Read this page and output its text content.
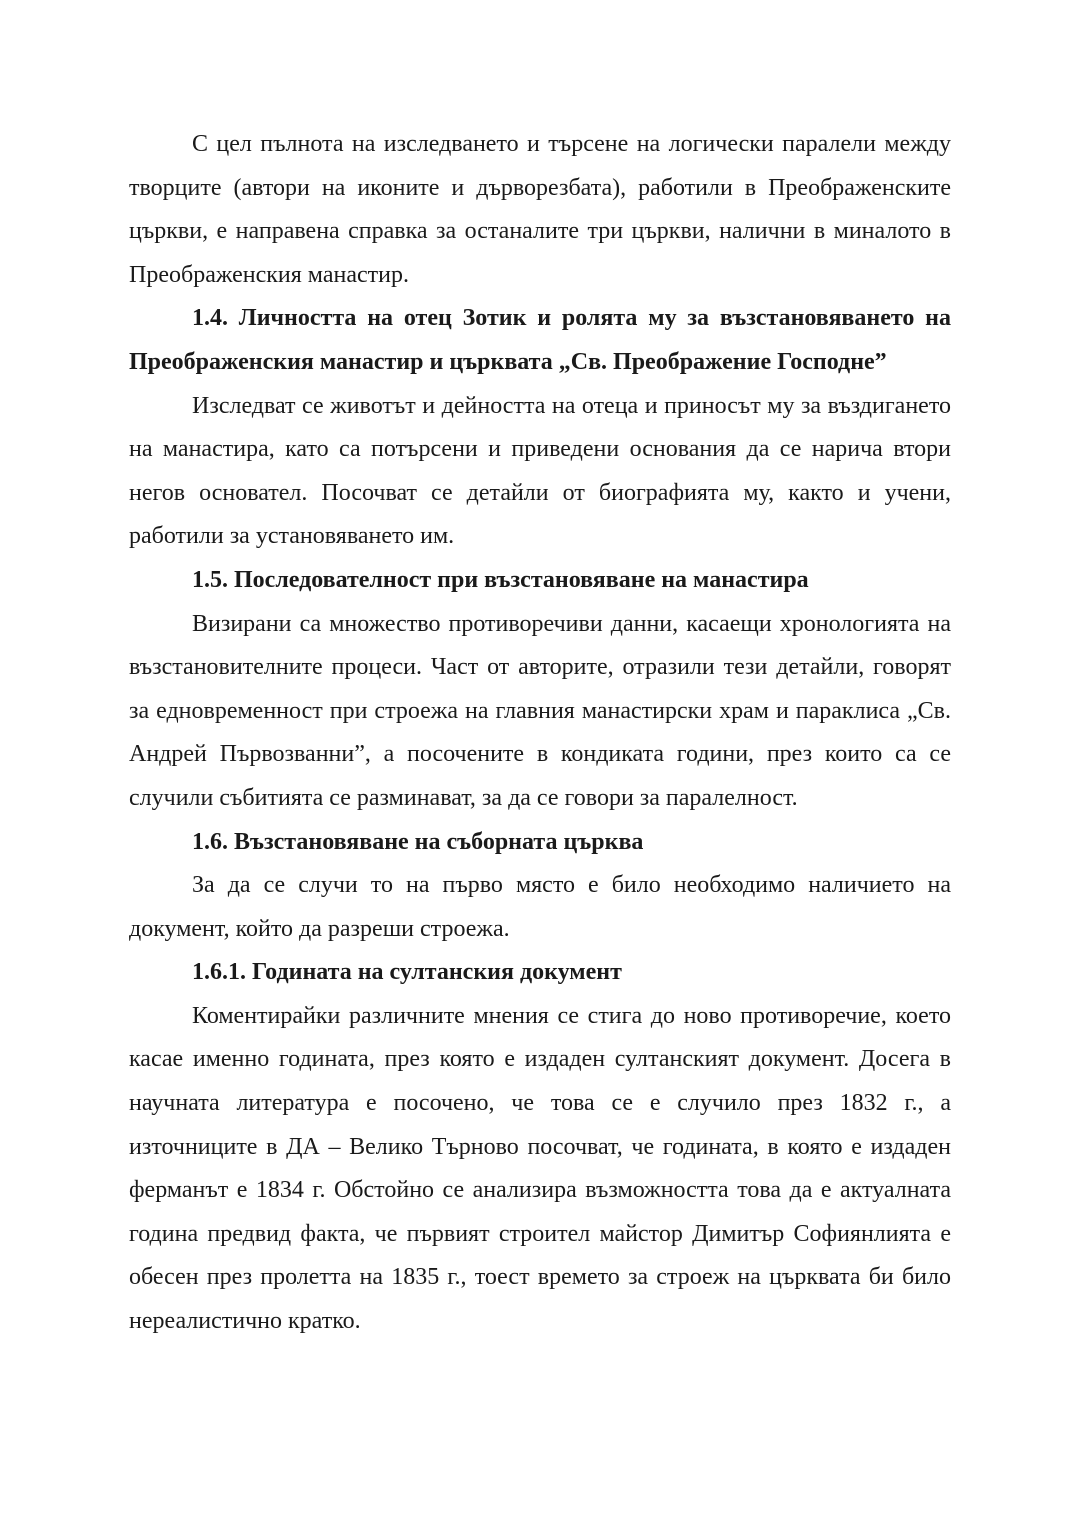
С цел пълнота на изследването и търсене на логически паралели между творците (автори на иконите и дърворезбата), работили в Преображенските църкви, е направена справка за останалите три църкви, налични в миналото в Преображенския манастир.

1.4. Личността на отец Зотик и ролята му за възстановяването на Преображенския манастир и църквата „Св. Преображение Господне”

Изследват се животът и дейността на отеца и приносът му за въздигането на манастира, като са потърсени и приведени основания да се нарича втори негов основател. Посочват се детайли от биографията му, както и учени, работили за установяването им.

1.5. Последователност при възстановяване на манастира

Визирани са множество противоречиви данни, касаещи хронологията на възстановителните процеси. Част от авторите, отразили тези детайли, говорят за едновременност при строежа на главния манастирски храм и параклиса „Св. Андрей Първозванни”, а посочените в кондиката години, през които са се случили събитията се разминават, за да се говори за паралелност.

1.6. Възстановяване на съборната църква

За да се случи то на първо място е било необходимо наличието на документ, който да разреши строежа.

1.6.1. Годината на султанския документ

Коментирайки различните мнения се стига до ново противоречие, което касае именно годината, през която е издаден султанският документ. Досега в научната литература е посочено, че това се е случило през 1832 г., а източниците в ДА – Велико Търново посочват, че годината, в която е издаден ферманът е 1834 г. Обстойно се анализира възможността това да е актуалната година предвид факта, че първият строител майстор Димитър Софиянлията е обесен през пролетта на 1835 г., тоест времето за строеж на църквата би било нереалистично кратко.
